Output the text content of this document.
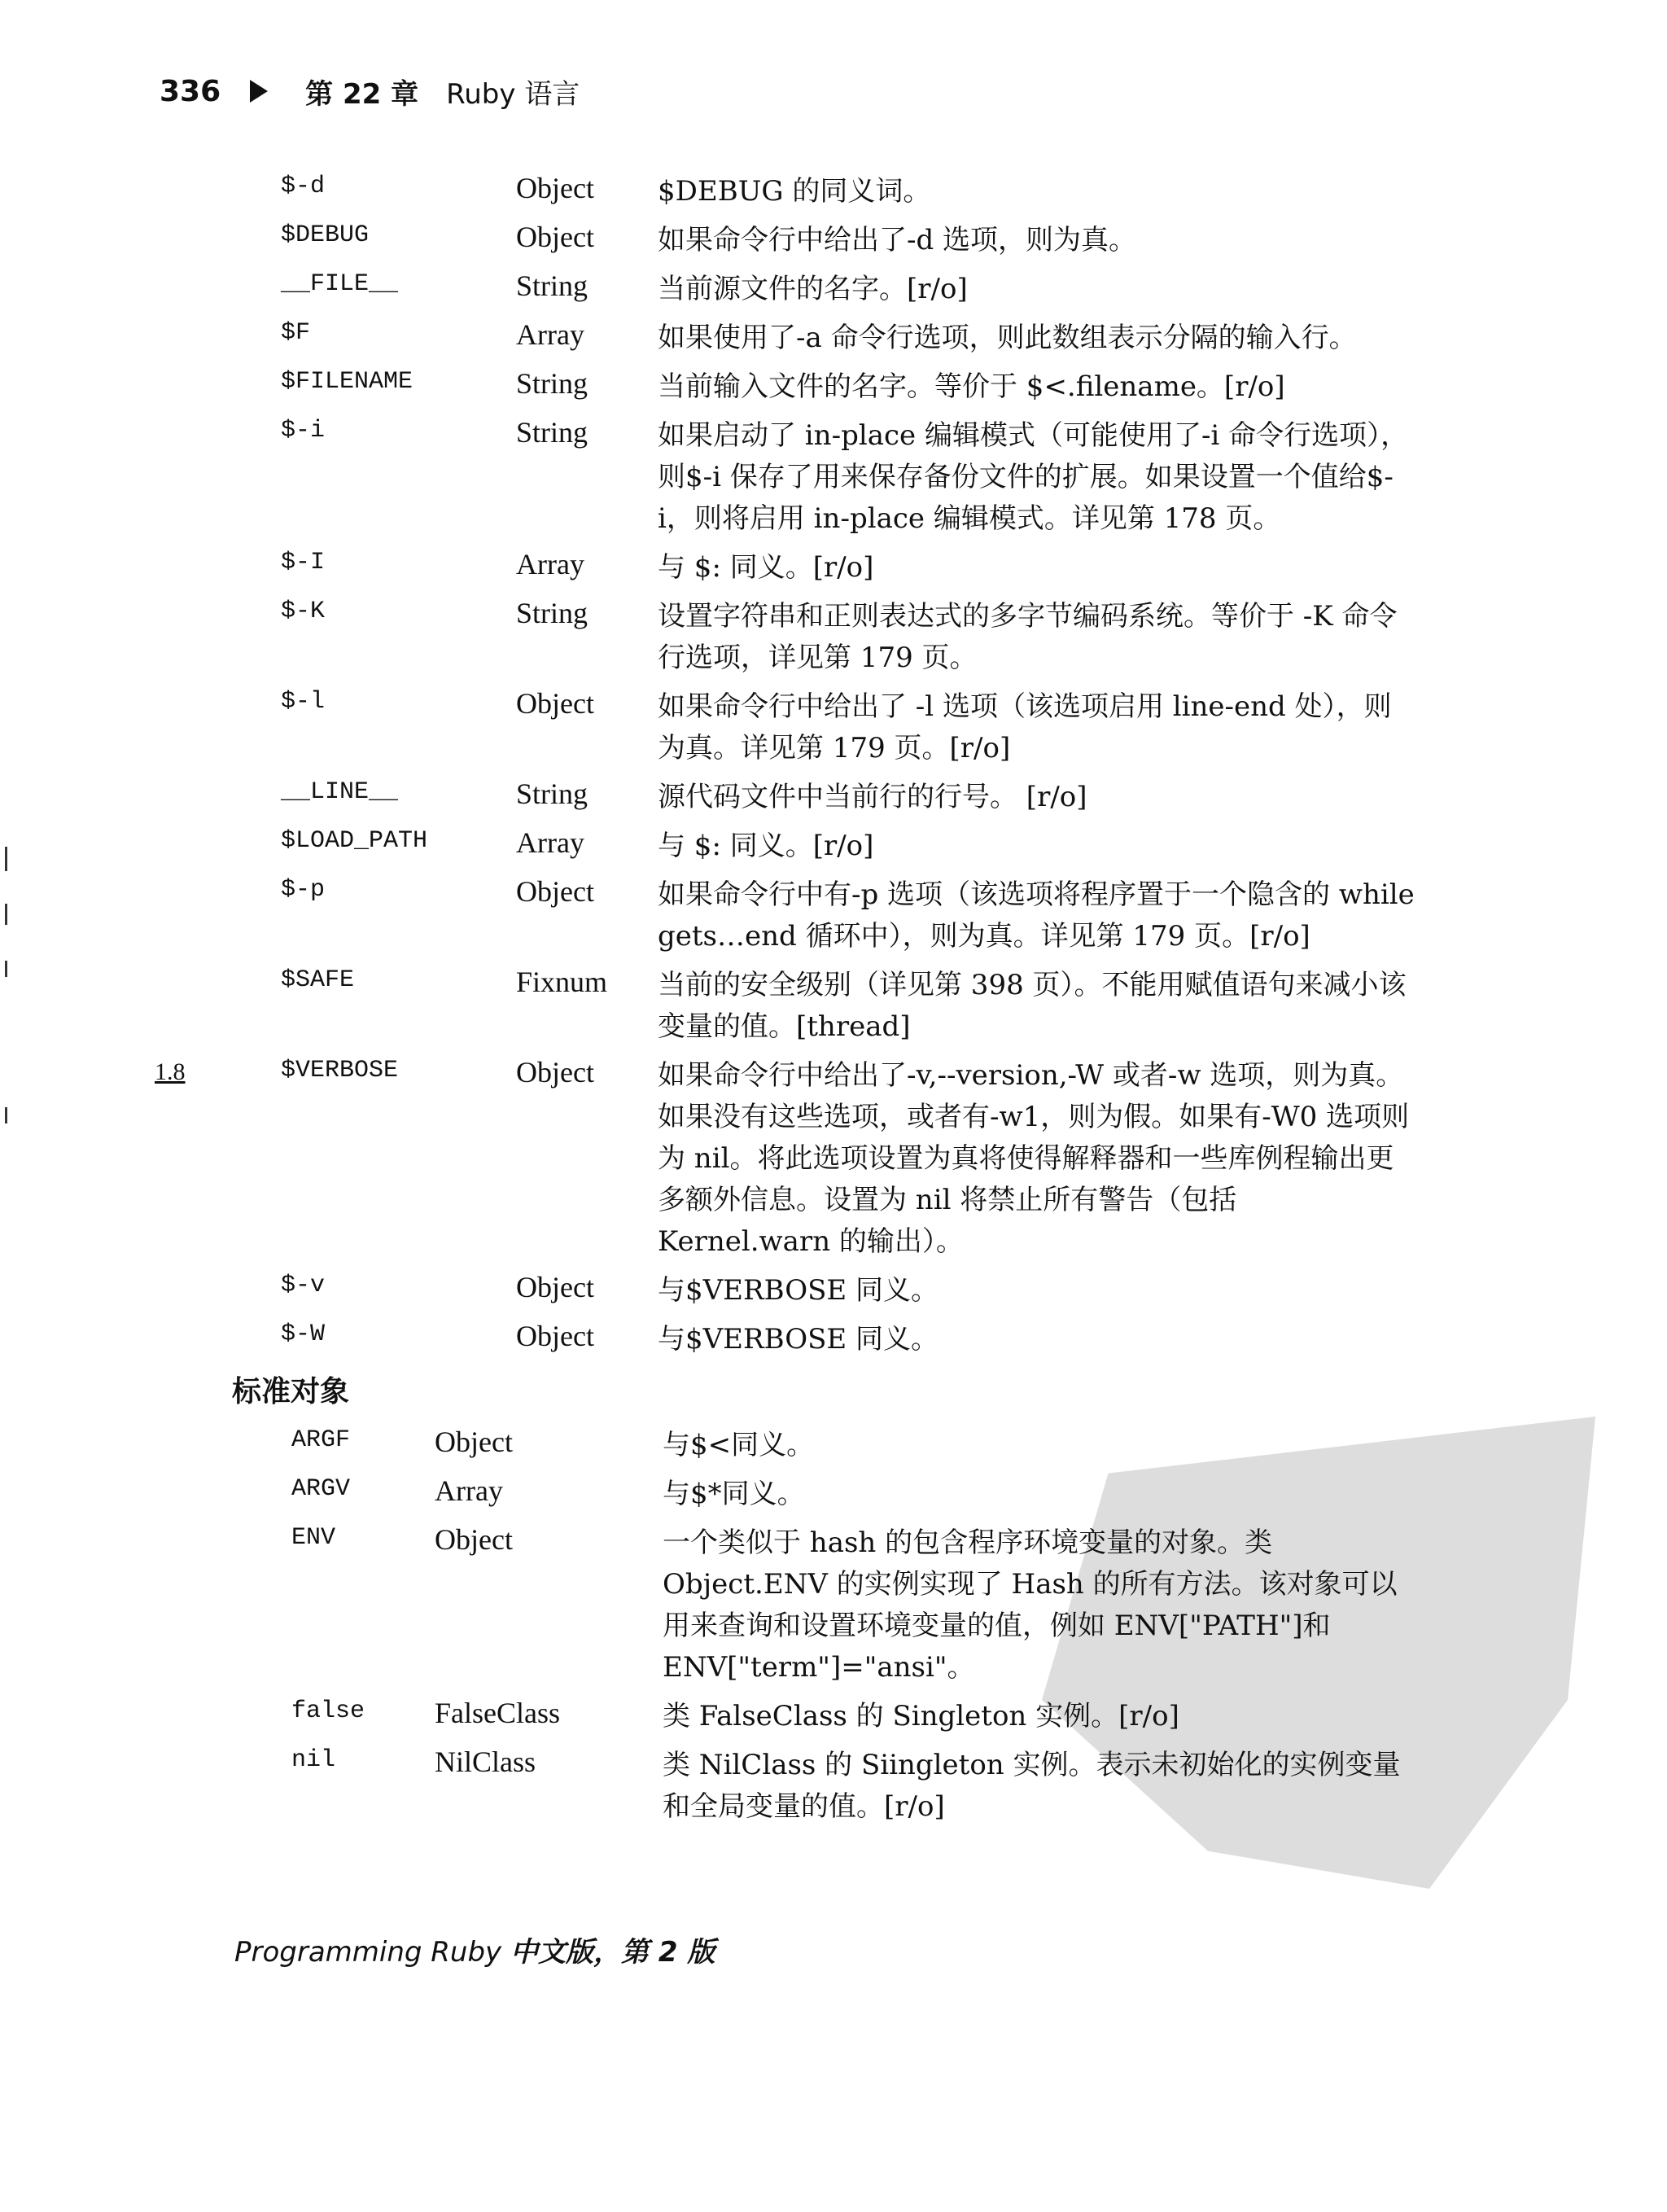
336	第 22 章 Ruby 语言
$-d	Object $DEBUG 的同义词。
$DEBUG	Object 如果命令行中给出了-d 选项，则为真。
__FILE__	String	当前源文件的名字。[r/o]
$F	Array	如果使用了-a 命令行选项，则此数组表示分隔的输入行。
$FILENAME	String	当前输入文件的名字。等价于 $<.filename。[r/o]
$-i	String	如果启动了 in-place 编辑模式（可能使用了-i 命令行选项），则$-i 保存了用来保存备份文件的扩展。如果设置一个值给$-i，则将启用 in-place 编辑模式。详见第 178 页。
$-I	Array	与 $: 同义。[r/o]
$-K	String	设置字符串和正则表达式的多字节编码系统。等价于 -K 命令行选项，详见第 179 页。
$-l	Object 如果命令行中给出了 -l 选项（该选项启用 line-end 处），则为真。详见第 179 页。[r/o]
__LINE__	String	源代码文件中当前行的行号。 [r/o]
$LOAD_PATH	Array	与 $: 同义。[r/o]
$-p	Object 如果命令行中有-p 选项（该选项将程序置于一个隐含的 while gets…end 循环中），则为真。详见第 179 页。[r/o]
$SAFE	Fixnum 当前的安全级别（详见第 398 页）。不能用赋值语句来减小该变量的值。[thread]
1.8	$VERBOSE	Object 如果命令行中给出了-v,--version,-W 或者-w 选项，则为真。如果没有这些选项，或者有-w1，则为假。如果有-W0 选项则为 nil。将此选项设置为真将使得解释器和一些库例程输出更多额外信息。设置为 nil 将禁止所有警告（包括 Kernel.warn 的输出）。
$-v	Object 与$VERBOSE 同义。
$-W	Object 与$VERBOSE 同义。
标准对象
ARGF	Object	与$<同义。
ARGV	Array	与$*同义。
ENV	Object	一个类似于 hash 的包含程序环境变量的对象。类 Object.ENV 的实例实现了 Hash 的所有方法。该对象可以用来查询和设置环境变量的值，例如 ENV["PATH"]和 ENV["term"]="ansi"。
false FalseClass	类 FalseClass 的 Singleton 实例。[r/o]
nil	NilClass	类 NilClass 的 Siingleton 实例。表示未初始化的实例变量和全局变量的值。[r/o]
Programming Ruby 中文版，第 2 版
